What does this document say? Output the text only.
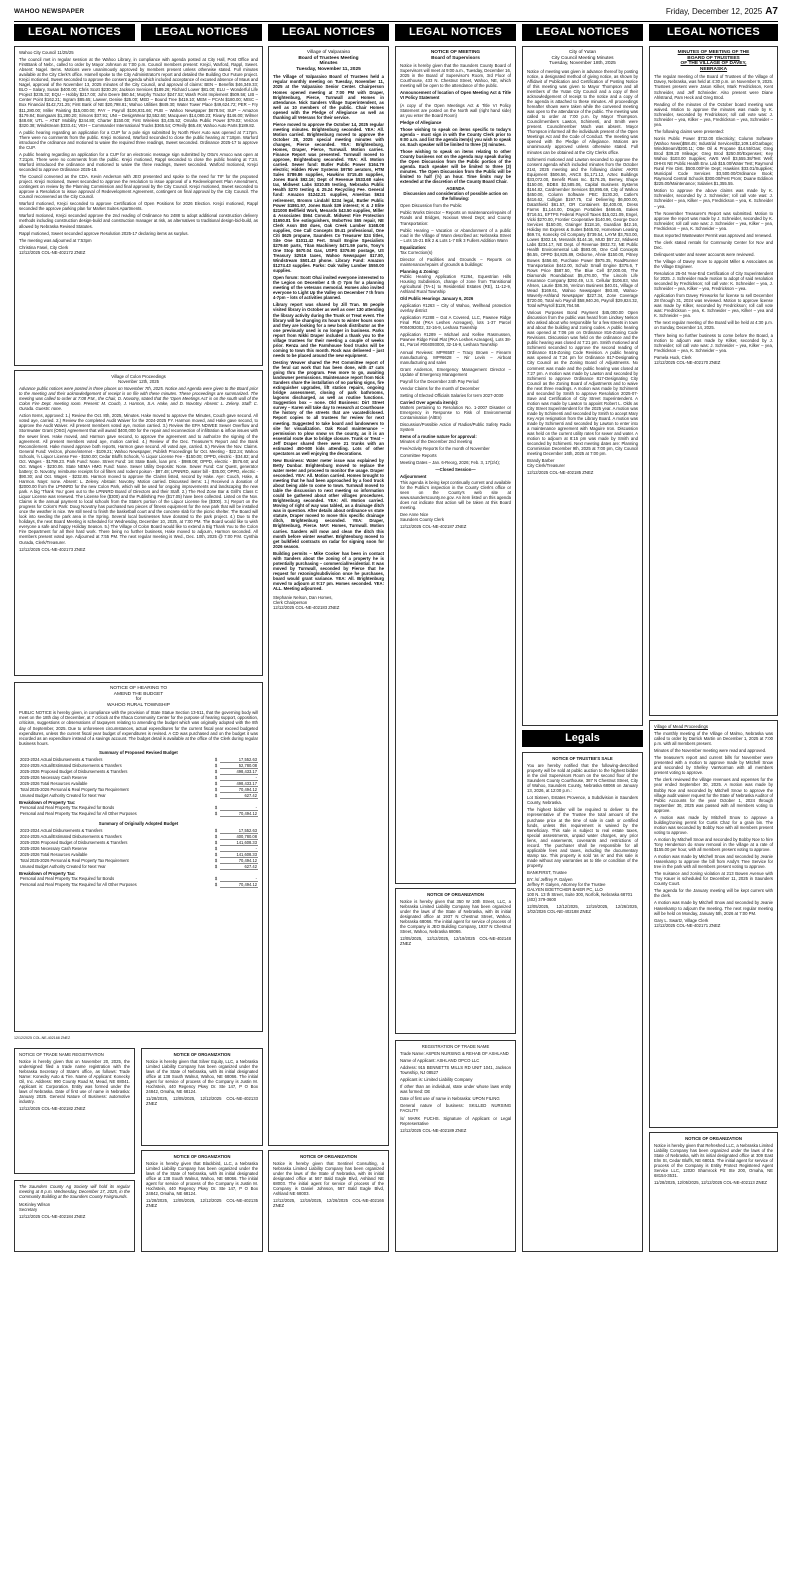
WAHOO NEWSPAPER	Friday, December 12, 2025 A7
LEGAL NOTICES	LEGAL NOTICES	LEGAL NOTICES	LEGAL NOTICES	LEGAL NOTICES	LEGAL NOTICES

Wahoo City Council 11/25/25

The council met in regular session at the Wahoo Library, in compliance with agenda posted at City Hall, Post Office and FirstBank of Nebr., called to order by Mayor Johnson at 7:00 p.m. Council members present: Krejci, Warford, Rappl, Sweet. Absent: Nagel. Items. Motions were unanimously approved by members present unless otherwise stated. Full minutes available at the City Clerk's office. Hamell spoke to the City Administrator's report and detailed the Building Our Future project. Krejci motioned, Sweet seconded to approve the consent agenda which included acceptance of excused absence of Maus and Nagel, approval of the November 13, 2025 minutes of the City Council, and approval of claims: BEN – Benefits $46,349.33; BLO – Salary, Susan $400.00; Chris Scott $230.29; Jackson Services $189.26; Richard Lower $81.00; ELU – Wonderful Life Project $235.32; EQU – Hobby $217.00; John Deere $60.54; Murphy Tractor $247.52; Wash Point Implement $509.56; LIB – Center Point $162.21; Ingram $85.65; Lawver, Denise $25.00; MED – Bound Tree $419.10; MEM – PCAN $180.00; MISC – Box Financial $142,721.25; First Bank of NE $20,798.81; Wahoo Utilities $849.30; Water Tower Place $49,624.72; PER – Fry $11,280.00; Miller Painting $15,000.00; PAY – Payroll $106,931.66; PUB – Wahoo Newspaper $678.94; SUP – Amazon $179.84; Bomgaars $1,280.20; Simons $37.91; UNI – DesignWear $2,552.60; Macqueen $14,080.23; Rivany $146.00; Wilmer $48.69; UTL – AT&T Mobility $244.80; Charter $150.00; First Wireless $3,435.52; Omaha Public Power $79.02; Verizon $320.38; Windstream $333.41; VEH – Commander International Trucks $365.54; O'Reilly $65.49; Wahoo Auto Parts $189.82.

A public hearing regarding an application for a CUP for a pole sign submitted by North River Auto was opened at 7:17pm. There were no comments from the public. Krejci motioned, Warford seconded to close the public hearing at 7:18pm. Warford introduced the ordinance and motioned to waive the required three readings, Sweet seconded. Ordinance 2025-17 to approve the CUP.

A public hearing regarding an application for a CUP for an electronic message sign submitted by Otto's Amoco was open at 7:21pm. There were no comments from the public. Krejci motioned, Rappl seconded to close the public hearing at 7:24. Warford introduced the ordinance and motioned to waive the three readings, Sweet seconded. Warford motioned, Krejci seconded to approve Ordinance 2025-18.

The Council convened as the CDA. Kevin Anderson with JEO presented and spoke to the need for TIF for the proposed project. Krejci motioned, Sweet seconded to approve the resolution to issue approval of a Redevelopment Plan Amendment, contingent on review by the Planning Commission and final approval by the City Council. Krejci motioned, Sweet seconded to approve a Resolution to issue approval of Redevelopment Agreement, contingent on final approval by the City Council. The Council reconvened as the City Council.

Warford motioned, Krejci seconded to approve Certification of Open Positions for 2026 Election. Krejci motioned, Rappl seconded the approve parking plan for Market Suites Apartments.

Warford motioned, Krejci seconded approve the 2nd reading of Ordinance No 2488 to adopt additional construction delivery methods including construction design-build and construction manager at risk, as alternatives to traditional design-bid-build, as allowed by Nebraska Revised Statutes.

Rappl motioned, Sweet seconded approve Resolution 2025-17 declaring items as surplus.

The meeting was adjourned at 7:53pm

Christina Fasel, City Clerk

12/12/2025 COL-NE-402172 ZNEZ

Village of Colon Proceedings

November 12th, 2025

Advance public notices were posted in three places on November 7th, 2025. Notice and Agenda were given to the Board prior to the meeting and their acknowledgement of receipt is on file with these minutes. These proceedings are summarized. The meeting was called to order at 7:08 P.M., the Chair, D. Novotny, stated that the 'Open Meetings Act' is on the south wall of the Colon Fire Dept. meeting room. Present: M. Couch, J. Harmon, S.A. Hake, and D. Novotny. Absent: L. Zeleny. Staff: C. Ourada. Guests: none.

Action Items, approved: 1.) Review the Oct. 8th, 2025, Minutes. Hake moved to approve the Minutes, Couch gave second. All voted aye, carried. 2.) Review the completed Audit Waiver for the 2024-2025 FY. Harmon moved, and Hake gave second, to approve the Audit Waiver. All present members voted aye, motion carried. 3.) Review the EPA NDWEE Sewer Overflow and Stormwater Grant (OSG) Agreement that will award $400,000 for the repair and reconnection of infiltration & inflow issues with the sewer lines. Hake moved, and Harmon gave second, to approve the agreement and to authorize the signing of the agreement. All present members voted aye, motion carried. 4.) Review of the Dec. Treasurer's Report and the Bank Reconcilement. Hake moved approve both reports, Harmon gave second. All voted aye, carried. 5.) Review the Nov. Claims. General Fund: Verizon, phone/internet - $109.21; Wahoo Newspaper, Publish Proceedings for Oct. Meeting - $22.24; Wahoo Schools, ½ Liquor License Fee - $150.00; Cedar Bluffs Schools, ½ Liquor License Fee - $150.00; OPPD, electric - $34.82; and Oct. Wages - $1799.23. Park Fund: None. Street Fund: 1st State Bank, loan pmt. - $988.08; OPPD, electric - $576.60; and Oct. Wages - $230.06. State NEMA HMG Fund: None. Sewer Utility Deposits: None. Sewer Fund: Car Quest, generator battery; D. Novotny, reimburse receipts for oil filters and rodent poison - $87.48; LPNNRD, water bill - $35.00; OPPD, electric - $90.30; and Oct. Wages - $232.65. Harmon moved to approve the Claims listed, second by Hake. Aye: Couch, Hake, & Harmon. Nays: none. Absent: L. Zeleny. Abstain: Novotny. Motion carried. Discussed items: 1.) Received a donation of $2000.00 from the LPNNRD for the new Colon Park, which will be used for ongoing improvements and landscaping the new park. A big 'Thank You' goes out to the LPNNRD Board of Directors and their Staff. 2.) The Red Zone Bar & Grill's Class C Liquor License was renewed. The License fee ($300) and the Publishing Fee ($17.05) have been collected. Listed on the Nov. Claims is the annual payment to local schools from the State's portion of the Liquor License fee ($300). 3.) Report on the progress for Colon's Park: Doug Novotny has purchased two pieces of fitness equipment for the new park that will be installed once the weather is nice. We still need to finish the basketball court and the concrete slab for the picnic shelter. The Board will look into seeding the park area in the Spring. Several local businesses have donated to the park project. 4.) Due to the holidays, the next Board Meeting is scheduled for Wednesday, December 10, 2025, at 7:00 PM. The Board would like to wish everyone a safe and happy Holiday Season. 5.) The Village of Colon Board would like to extend a Big Thank You to the Colon Fire Department for all their hard work. There being no further business, Hake moved to adjourn, Harmon seconded. All members present voted aye. Adjourned at 7:55 PM. The next regular meeting is Wed., Dec. 10th, 2025 @ 7:00 P.M. Cynthia Ourada, Clerk/Treasurer.

12/12/2025 COL-NE-402173 ZNEZ

NOTICE OF HEARING TO

AMEND THE BUDGET

for

WAHOO RURAL TOWNSHIP

PUBLIC NOTICE is hereby given, in compliance with the provision of State Statue Section 13-511, that the governing body will meet on the 18th day of December, at 7 o'clock at the Ithaca Community Center for the purpose of hearing support, opposition, criticism, suggestions or observations of taxpayers relating to amending the budget which was originally adopted with the 8th day of September, 2025. Due to unforeseen circumstances, actual expenditures for the current fiscal year exceed budgeted expenditures, unless the current fiscal year budget of expenditures is revised. A CD was purchased and on the budget it was recorded as an expenditure instead of a savings account. The budget detail is available at the office of the Clerk during regular business hours.

Summary of Proposed Revised Budget

2023-2024 Actual Disbursements & Transfers	$	17,552.63
2024-2025 Actual/Estimated Disbursements & Transfers	$	52,780.08
2025-2026 Proposed Budget of Disbursements & Transfers	$	498,433.17
2025-2026 Necessary Cash Reserve	$	-
2025-2026 Total Resources Available	$	498,433.17
Total 2025-2026 Personal & Real Property Tax Requirement	$	70,494.12
Unused Budget Authority Created for Next Year	$	627.42

Breakdown of Property Tax:

Personal and Real Property Tax Required for Bonds	$	-
Personal and Real Property Tax Required for All Other Purposes	$	70,494.12

Summary of Originally Adopted Budget

2023-2024 Actual Disbursements & Transfers	$	17,552.63
2024-2025 Actual/Estimated Disbursements & Transfers	$	400,780.08
2025-2026 Proposed Budget of Disbursements & Transfers	$	141,608.33
2025-2026 Necessary Cash Reserve	$	-
2025-2026 Total Resources Available	$	141,608.33
Total 2025-2026 Personal & Real Property Tax Requirement	$	70,494.12
Unused Budget Authority Created for Next Year	$	627.42

Breakdown of Property Tax:

Personal and Real Property Tax Required for Bonds	$	-
Personal and Real Property Tax Required for All Other Purposes	$	70,494.12
12/12/2025 COL-NE-402168 ZNEZ

NOTICE OF TRADE NAME REGISTRATION

Notice is hereby given that on November 20, 2025, the undersigned filed a trade name registration with the Nebraska Secretary of State's office, as follows: Trade Name: Konecky Auto & Tire. Name of Applicant: Konecky Oil, Inc. Address: 990 County Road M, Mead, NE 68041. Applicant is: Corporation. Entity was formed under the laws of Nebraska. Date of first use of name in Nebraska: January 2025. General Nature of Business: automotive industry.

12/12/2025 COL-NE-402182 ZNEZ

The Saunders County Ag Society will hold its regular meeting at 8 p.m. Wednesday, December 17, 2025, in the Community Building at the Saunders County Fairgrounds.

McKinley Wilson

Secretary

12/12/2025 COL-NE-402184 ZNEZ

NOTICE OF ORGANIZATION

Notice is hereby given that Silver Equity, LLC, a Nebraska Limited Liability Company has been organized under the laws of the State of Nebraska, with its initial designated office at 138 South Walnut, Wahoo, NE 68066. The initial agent for service of process of the Company is Justin M. Hochstein, 440 Regency Pkwy Dr. Ste 147, P O Box 24842, Omaha, NE 68124.

11/28/2025, 12/05/2025, 12/12/2025 COL-NE-402133 ZNEZ

NOTICE OF ORGANIZATION

Notice is hereby given that Blackbird, LLC, a Nebraska Limited Liability Company has been organized under the laws of the State of Nebraska, with its initial designated office at 138 South Walnut, Wahoo, NE 68066. The initial agent for service of process of the Company is Justin M. Hochstein, 440 Regency Pkwy Dr. Ste 147, P O Box 24842, Omaha, NE 68124.

11/28/2025, 12/05/2025, 12/12/2025 COL-NE-402135 ZNEZ

Village of Valparaiso

Board of Trustees Meeting

Minutes

Tuesday, November 11, 2025

The Village of Valparaiso Board of Trustees held a regular monthly meeting on Tuesday, November 11, 2025 at the Valparaiso Senior Center. Chairperson Homes opened meeting at 7:00 PM with Draper, Brightenburg, Pierce, Turnwall and Homes in attendance. Nick Sanders Village Superintendent, as well as 10 members of the public. Chair Homes opened with the Pledge of Allegiance as well as thanking all Veterans for their service.

Pierce moved to approve the October 14, 2025 regular meeting minutes. Brightenburg seconded. YEA: All. Motion carried. Brightenburg moved to approve the October 28, 2025 special meeting minutes with changes, Pierce seconded. YEA: Brightenburg, Homes, Draper, Pierce, Turnwall. Motion carries. Finance Report was presented. Turnwall moved to approve, Brightenburg seconded. YEA: All. Motion carried. Sewer fund: Butler Public Power $164.79 electric; Hidden River Systems $9750 aerators, HTM Sales $789.86 supplies, Hawkins $715.45 supplies, Jones Bank $92.16; Dept of Revenue $533.68 sales tax, Midwest Labs $310.85 testing, Nebraska Public Health $270 testing & 25.24 Recycling Fee. General fund: Amazon $1242.21 supplies, Ameritas $624 retirement, Bromm Lindahl $234 legal, Butler Public Power $1861.97, Jones Bank $39 interest; K & J Elite $21000 Bellfield Work, Menards $43.50 supplies, Miller & Associates $564 Consult. Midwest Fire Protection $1650.81 fire extinguishers, MoboTrex $65 repair, NE Clerk Assn $50 dues, Oak Creek Lumber $168.08 supplies, One Call Concepts $9.41 professional, One Citi $625 propane, Saunders Co Treasurer $24 titles, Site One $1011.42 Fert. Small Engine Specialists $279.60 parts, Titan Machinery $471.59 parts, Tony's One Stop $670.04 Gas, USPS $376.90 postage, US Treasury $2516 taxes, Wahoo Newspaper $17.80, Windstream $501.43 phone. Library Fund: Amazon $1274.43 supplies. Parks: Oak Valley Lumber $550.00 supplies.

Open forum: Scott Ohai invited everyone interested to the Legion on December 4 th @ 7pm for a planning meeting of the veterans memorial. Homes also invited everyone to Light Up the Valley on December 7 th from 4-7pm – lots of activities planned.

Library report was shared by Jill Tran. 55 people visited library in October as well as over 130 attending the library activity during the Trunk or Treat event. The library will be changing its hours to winter hours soon and they are looking for a new book distributor as the one previously used is no longer in business. Parks report from Nikki Draper included a thank you to the village trustees for their meeting a couple of weeks prior. Renza and the Farmhouse food trucks will be coming to town this month. Rock was delivered – just needs to be placed around the new equipment.

Destiny Weaver shared the Pet Committee report of the feral cat work that has been done, with 47 cats going thru the program. Few more to go, awaiting landowner permissions. Maintenance report from Nick Sanders share the installation of no parking signs, fire extinguisher upgrades, lift station repairs, ongoing bridge assessment, closing of park bathrooms, lagoons discharged, as well as routine functions. Suggestion box – none. Old Business: Dirt Street survey – Karen will take day to research at Courthouse the history of the streets that are vacated/closed. Report copies to all trustees for review for next meeting. Suggested to take board and landowners to site for visualization. Oak Road maintenance – permission to plow snow vs the county, as it is an essential route due to bridge closure. Trunk or Treat – Jeff Draper shared there were 21 trunks with an estimated 450-500 kids attending. Lots of other spectators as well enjoying the decorations.

New Business: Water meter issue was explained by Betty Dunbar. Brightenburg moved to replace the water meter and proceed to monitor the usage. Draper seconded. YEA: All. Motion carried. Homes brought to meeting that he had been approached by a food truck about being able to come to town. Turnwall moved to table the discussion to next meeting so information could be gathered about other villages procedures. Brightenburg seconded. YEA: All. Motion carried. Moving of right of way was tabled, as a drainage ditch was in question. After details about ordinance vs state statute, Draper moved to move this specific drainage ditch, Brightenburg seconded. YEA: Draper, Brightenburg, Pierce. NAY: Homes, Turnwall. Motion carries. Sanders will mow and clean the ditch this month before winter weather. Brightenburg moved to get bulkfield contracts on radar for signing soon for 2026 season.

Building permits – Mike Cooker has been in contact with Sanders about the zoning of a property he is potentially purchasing – commercial/residential. It was moved by Turnwall, seconded by Pierce that he request for rezoning/subdivision once he purchases, board would grant variance. YEA: All. Brightenburg moved to adjourn at 9:17 pm. Homes seconded. YEA: ALL. Meeting adjourned.

Stephanie Nelson, Dan Homes,

Clerk Chairperson

12/12/2025 COL-NE-402183 ZNEZ

NOTICE OF ORGANIZATION

Notice is hereby given that Sentinel Consulting, a Nebraska Limited Liability Company has been organized under the laws of the State of Nebraska, with its initial designated office at 567 Bald Eagle Blvd, Ashland NE 68003. The initial agent for service of process of the Company is Daniel Johnson, 567 Bald Eagle Blvd, Ashland NE 68003.

12/12/2025, 12/19/2025, 12/26/2025 COL-NE-402166 ZNEZ

NOTICE OF MEETING

Board of Supervisors

Notice is hereby given that the Saunders County Board of Supervisors will meet at 9:00 a.m., Tuesday, December 16, 2025 in the Board of Supervisor's Room, 3rd Floor of Courthouse, 433 N. Chestnut Street, Wahoo, NE, which meeting will be open to the attendance of the public.

Announcement of location of Open Meeting Act & Title VI Policy Statement

(A copy of the Open Meetings Act & Title VI Policy Statement are posted on the North wall (right hand side) as you enter the Board Room)

Pledge of Allegiance

Those wishing to speak on items specific to today's agenda – must sign in with the County Clerk prior to 9:00 a.m. and list the agenda item(s) you wish to speak on. Each speaker will be limited to three (3) minutes.

Those wishing to speak on items relating to other County business not on the agenda may speak during the Open Discussion from the Public portion of the agenda. Each speaker will be limited to three (3) minutes. The Open Discussion from the Public will be limited to half (½) an hour. Time limits may be extended at the discretion of the County Board Chair.

AGENDA

Discussion and consideration of possible action on the following:

Open Discussion from the Public

Public Works Director – Reports on maintenance/repairs of Roads and Bridges, Noxious Weed Dept; and County Transportation:

Public Hearing – Vacation or Abandonment of a public road in the Village of Wann described as: Nebraska Street – Lots 15-21 Blk 2 & Lots 1-7 Blk 3 Fullers Addition Wann

Equalization:

Tax Correction(s)

Director of Facilities and Grounds – Reports on maintenance/repairs of grounds & buildings:

Planning & Zoning:

Public Hearing Application #1264, Equestrian Hills Housing Subdivision, change of zone from Transitional Agricultural (TA-1) to Residential Estates (RE), 11-12-9, Ashland Rural Township

Old Public Hearings January 6, 2026

Application #1263 – City of Wahoo, Wellhead protection overlay district

Application #1288 – Got A Covered, LLC, Pawnee Ridge Final Plat (PKA Leshes Acreages), lots 1-37 Parcel #004092002, 32-16-9, Leshara Township

Application #1289 – Michael and Kellee Rasmussen, Pawnee Ridge Final Plat (PKA Leshes Acreages), Lots 38-61, Parcel #004093000, 32-16-9, Leshara Township

Annual Reviews: MP#6587 – Tracy Brown – Firearm manufacturing. MP#6628 – Nir Levin – Airboat manufacturing and sales

Grant Anderson, Emergency Management Director – Update of Emergency Management

Payroll for the December 24th Pay Period

Vendor Claims for the month of December

Setting of Elected Officials Salaries for term 2027-2030

Carried Over agenda item(s):

Matters pertaining to Resolution No. 1-2007 Disaster or Emergency in Response to Risk of Environmental Contamination (AltEn)

Discussion/Possible Action of Radios/Public Safety Radio System

Items of a routine nature for approval:

Minutes of the December 2nd meeting

Fee/Activity Reports for the month of November

Committee Reports

Meeting Dates – Jan. 6-Reorg, 2026; Feb. 3, 17(2/4);

—Closed Session—

Adjournment

This agenda is being kept continually current and available for the Public's inspection in the County Clerk's office or seen on the County's web site at www.saunderscounty.ne.gov. An item listed on this agenda does not indicate that action will be taken at this Board meeting.

Dee Anne Nice

Saunders County Clerk

12/12/2025 COL-NE-402187 ZNEZ

NOTICE OF ORGANIZATION

Notice is hereby given that 350 W 10th Street, LLC, a Nebraska Limited Liability Company has been organized under the laws of the State of Nebraska, with its initial designated office at 1937 N Chestnut Street, Wahoo, Nebraska 68066. The initial agent for service of process of the Company is JEO Building Company, 1937 N Chestnut Street, Wahoo, Nebraska 68066.

12/05/2025, 12/12/2025, 12/19/2025 COL-NE-402148 ZNEZ

REGISTRATION OF TRADE NAME

Trade Name: ASPEN NURSING & REHAB OF ASHLAND

Name of Applicant: ASHLAND OPCO LLC

Address: 915 BENNETTS MILLS RD UNIT 1041, Jackson Township, NJ 08527

Applicant is: Limited Liability Company

If other than an individual, state under whose laws entity was formed: DE

Date of first use of name in Nebraska: UPON FILING

General nature of business: SKILLED NURSING FACILITY

/s/ MARK FUCHS. Signature of Applicant or Legal Representative

12/12/2025 COL-NE-402189 ZNEZ

City of Yutan

City Council Meeting Minutes

Tuesday, November 18th, 2025

Notice of meeting was given in advance thereof by posting notice, a designated method of giving notice, as shown by Affidavit of Publication and Certification of Posting Notice of this meeting was given to Mayor Thompson and all members of the Yutan City Council and a copy of their acknowledgement of receipt to the notice and a copy of the agenda is attached to these minutes. All proceedings hereafter shown were taken while the convened meeting was open to the attendance of the public. The meeting was called to order at 7:00 p.m. by Mayor Thompson. Councilmembers Lawton, Schimenti, and Smith were present. Councilmember Mach was absent. Mayor Thompson informed all the individuals present of the Open Meetings Act and the Code of Conduct. The meeting was opened with the Pledge of Allegiance. Motions are unanimously approved unless otherwise stated. Full minutes can be obtained at the City Clerks office.

Schimenti motioned and Lawton seconded to approve the consent agenda which included minutes from the October 21st, 2025 meeting and the following claims: AKRS Equipment $506.56, ANCS $1,171.12, Aztec Buildings $33,072.00, Benefit Plans Inc. $176.25, Berney, Shupe $150.00, BDBS $2,585.06, Capital Business Systems $164.82, Cardmember Services $3,895.69, City of Wahoo $450.00, Column Software PBC $130.20, Cutler's $416.62, Culligan $197.75, Cul Delivering $6,000.00, DataShield $61.57, DR Containers $2,400.00, Dress Farms $1,144.00, Dragon Portables $466.65, Eakes $716.51, EFTPS Federal Payroll Taxes $15,021.09, Engel, Vicki $270.00, Frontier Cooperative $140.96, George Door Services $150.00, Grainger $118.16, Guardian $42.16, Holiday Inn Express & Suites $465.92, Hometown Leasing $69.74, Konecky Oil Company $739.54, LAYM $3,753.00, Lowes $302.16, Menards $144.16, MUD $57.22, Midwest Labs $234.17, NE Dept. of Revenue $932.72, NE Public Health Environmental Lab $593.00, One Call Concepts $6.55, OPPD $4,825.89, Osborne, Ahnie $150.00, Pitney Bowes $456.60, Purchase Power $975.35, RoadRunner Transportation $442.00, Schulz Small Engine $375.6, T Rows Price $587.50, The Blue Cell $7,000.00, The Diamonds Roundabout $5,476.00, The Lincoln Life Insurance Company $292.49, U.S. Cellular $106.83, Van Ahsen, Laurie $36.36, Verizon Business $40.01, Village of Mead $169.61, Wahoo Newspaper $93.80, Wahoo-Waverly-Ashland Newspaper $227.34, Zone Coverage $720.00, Total w/o Payroll $58,940.26, Payroll $29,824.32, Total w/Payroll $128,764.58.

Various Purposes Bond Payment $45,000.00 Open discussion from the public was heard from Lindsey Nelson who asked about who responsible for a few streets in town and about the building and zoning codes. A public hearing was opened at 7:06 pm on Ordinance 816-Zoning Code Revisions. Discussion was held on the ordinance and the public hearing was closed at 7:21 pm. Smith motioned and Schimenti seconded to approve the second reading of Ordinance 816-Zoning Code Revision. A public hearing was opened at 7:24 pm for Ordinance 817-Designating City Council as the Zoning Board of Adjustments. No comment was made and the public hearing was closed at 7:27 pm. A motion was made by Lawton and seconded by Schimenti to approve Ordinance 817-Designating City Council as the Zoning Board of Adjustments and to waive the next three readings. A motion was made by Schimenti and seconded by Smith to approve Resolution 2025-07-Save and Certification of City Street Superintendent. A motion was made by Lawton to appoint Robert L. Olds as City Street Superintendent for the 2025 year. A motion was made by Schimenti and seconded by Smith to accept Mary Key Arps resignation from the Library Board. A motion was made by Schimenti and seconded by Lawton to enter into a maintenance agreement with Maguire Iron. Discussion was held on the current utility rates for sewer and water. A motion to adjourn at 8:15 pm was made by Smith and seconded by Schimenti. Next meeting dates are: Planning Commission December 9th, 2025 at 7:00 pm, City Council meeting December 16th, 2025 at 7:00 pm.

Brandy Barber

City Clerk/Treasurer

12/12/2025 COL-NE-402185 ZNEZ

Legals

NOTICE OF TRUSTEE'S SALE

You are hereby notified that the following-described property will be sold at public auction to the highest bidder in the civil Supervisors Room on the second floor of the Saunders County Courthouse, 387 N Chestnut Street, City of Wahoo, Saunders County, Nebraska 68066 on January 13, 2026, at 12:00 p.m.:

Lot Sixteen, Estates Provence, a Subdivision in Saunders County, Nebraska.

The highest bidder will be required to deliver to the representative of the Trustee the total amount of the purchase price at the time of sale in cash or certified funds, unless this requirement is waived by the Beneficiary. This sale is subject to real estate taxes, special assessments, unpaid water charges, any prior liens, and easements, covenants and restrictions of record. The purchaser shall be responsible for all applicable fees and taxes, including the documentary stamp tax. This property is sold 'as is' and this sale is made without any warranties as to title or condition of the property.

BANKFIRST, Trustee

BY: /s/ Jeffrey P. Galyen

Jeffrey P. Galyen, Attorney for the Trustee

GALYEN BOETTCHER BAIER PC, LLO

100 N. 13 th Street, Suite 300, Norfolk, Nebraska 68701

(402) 379-3600

12/05/2025, 12/12/2025, 12/19/2025, 12/26/2025, 1/02/2026 COL-NE-402188 ZNEZ

MINUTES OF MEETING OF THE

BOARD OF TRUSTEES

OF THE VILLAGE OF DAVEY,

NEBRASKA

The regular meeting of the Board of Trustees of the Village of Davey, Nebraska, was held at 4:30 p.m. on November 9, 2025. Trustees present were Jason Kilker, Mark Fredrickson, Kent Schneider, and Jeff Schnieder. Also present were Diane Ahlstrand, Pam Heck and Greg Brod.

Reading of the minutes of the October board meeting was waived. Motion to approve the minutes was made by K. Schneider, seconded by Fredrickson; roll call vote was: J. Schneider – yea, Kilker – yea, Fredrickson – yea, Schneider – yea.

The following claims were presented:

Norris Public Power $732.00 Electricity; Column Software (Wahoo News)$58.45; Industrial Services/$2,109.14/Garbage; Windstream/$200.11; Otte Oil & Propane $14.55/Gas; Greg Brod $39.20 Mileage; Greg Brod $250.00/Expenses; Key Wahoo $103.00 Supplies; AWS Well $3,555.38/Test Well; DHHS NE Public Health Env. Lab $15.00/Water Test; Raymond Rural Fire Dist. $500.00/Fire Dept; Hawkins $33.01/Supplies; Municipal Code Services $3,500.00/Ordinance Book; Raymond Central Schools $300.00/Fest Prom; Duane Eddinon $225.00/Maintenance; Salaries $1,355.55.

Motion to approve the above claims was made by K. Schneider, seconded by J. Schneider; roll call vote was: J. Schneider – yea, Kilker – yea, Fredrickson – yea, K. Schneider – yea.

The November Treasurer's Report was submitted. Motion to approve the report was made by J. Schneider, seconded by K. Schneider; roll call vote was: J. Schneider – yea, Kilker – yea, Fredrickson – yea, K. Schneider – yea.

Bous reported Wastewater Permit was approved and renewed.

The clerk stated rentals for Community Center for Nov and Dec.

Delinquent water and sewer accounts were reviewed.

The Village of Davey move to appoint Miller & Associates as the Village Engineer.

Resolution 25-04 Year-End Certification of City Superintendent for 2025. J. Schneider made motion to adopt of said resolution seconded by Fredrickson; roll call vote: K. Schneider – yea, J. Schneider – yea, Kilker – yea, Fredrickson – yea.

Application from Davey Fireworks for license to sell December 28 through 31, 2024 was reviewed. Motion to approve license was made by Kilker, seconded by Fredrickson; roll call vote was: Fredrickson – yea, K. Schneider – yea, Kilker – yea and K. Schneider – yea.

The next regular meeting of the Board will be held at 4:30 p.m. on Sunday, December 14, 2025.

There being no further business to come before the Board, a motion to adjourn was made by Kilker, seconded by J. Schneider; roll call vote was: J. Schneider – yea, Kilker – yea, Fredrickson – yea, K. Schneider – yea.

Pamela Huck, Clerk

12/12/2025 COL-NE-402170 ZNEZ

Village of Mead Proceedings

The monthly meeting of the Village of Malmo, Nebraska was called to order by Darrick Martin on December 1, 2025 at 7:00 p.m. with all members present.

Minutes of the November meeting were read and approved.

The treasurer's report and current bills for November were presented with a motion to approve made by Mitchell Snow and seconded by Shelley VanNorman with all members present voting to approve.

The clerk reviewed the village revenues and expenses for the year ended September 30, 2025. A motion was made by Bobby Noe and seconded by Mitchell Snow to approve the village audit waiver request for the State of Nebraska Auditor of Public Accounts for the year October 1, 2024 through September 30, 2025 was passed with all members voting to approve.

A motion was made by Mitchell Snow to approve a building/zoning permit for Curtis Chaz for a grain bin. The motion was seconded by Bobby Noe with all members present voting to approve.

A motion by Mitchell Snow and seconded by Bobby Noe to hire Tony Henderson do snow removal in the village at a rate of $155.00 per hour, with all members present voting to approve.

A motion was made by Mitchell Snow and seconded by Jeanie Hasenkamp to approve the bill from Andy's Tree Service for tree in the park with all members present voting to approve.

The nuisance and zoning violation at 213 Bowen Avenue with Troy Kauer is scheduled for December 11, 2025 in Saunders County Court.

The agenda for the January meeting will be kept current with the clerk.

A motion was made by Mitchell Snow and seconded by Jeanie Hasenkamp to adjourn the meeting. The next regular meeting will be held on Monday, January 5th, 2026 at 7:00 PM.

Gary L. Swartz, Village Clerk

12/12/2025 COL-NE-402171 ZNEZ

NOTICE OF ORGANIZATION

Notice is hereby given that Refreshed LLC, a Nebraska Limited Liability Company has been organized under the laws of the State of Nebraska, with its initial designated office at 309 East Elm St, Cedar Bluffs, NE 68015. The initial agent for service of process of the Company is Entity Protect Registered Agent Service LLC, 12020 Shamrock Plz Ste 200, Omaha, NE 68154-3531.

11/28/2025, 12/05/2025, 12/12/2025 COL-NE-402113 ZNEZ
